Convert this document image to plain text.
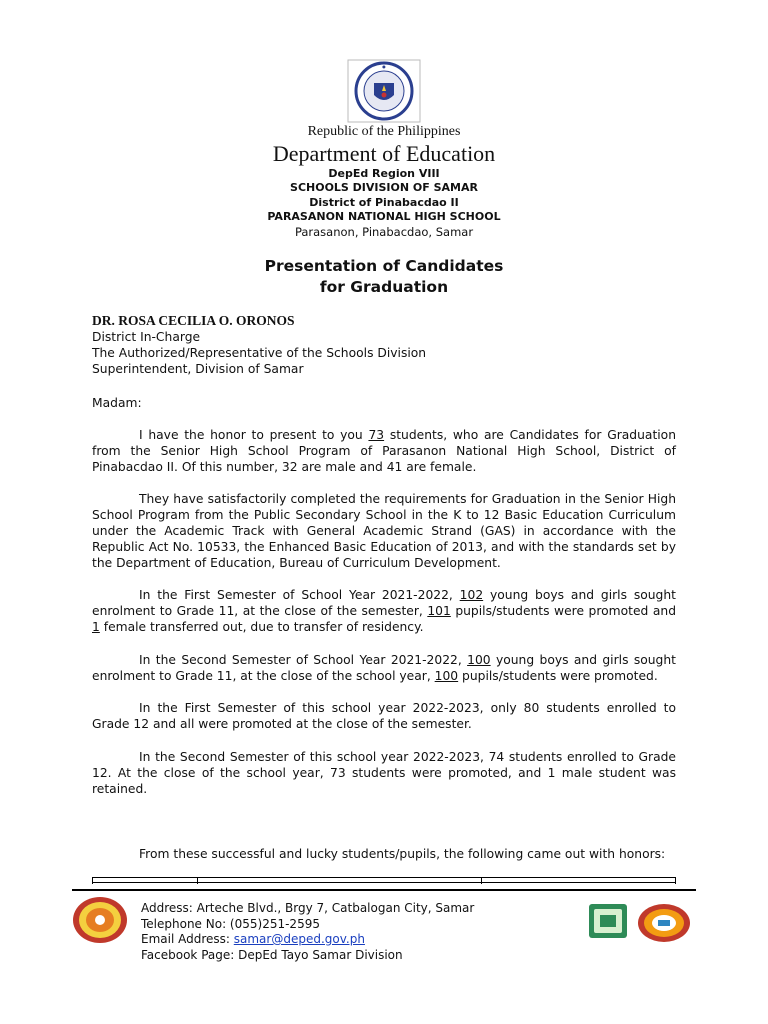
●
Republic of the Philippines
Department of Education
DepEd Region VIII
SCHOOLS DIVISION OF SAMAR
District of Pinabacdao II
PARASANON NATIONAL HIGH SCHOOL
Parasanon, Pinabacdao, Samar
Presentation of Candidates
for Graduation
DR. ROSA CECILIA O. ORONOS
District In-Charge
The Authorized/Representative of the Schools Division
Superintendent, Division of Samar
Madam:

I have the honor to present to you 73 students, who are Candidates for Graduation from the Senior High School Program of Parasanon National High School, District of Pinabacdao II. Of this number, 32 are male and 41 are female.

They have satisfactorily completed the requirements for Graduation in the Senior High School Program from the Public Secondary School in the K to 12 Basic Education Curriculum under the Academic Track with General Academic Strand (GAS) in accordance with the Republic Act No. 10533, the Enhanced Basic Education of 2013, and with the standards set by the Department of Education, Bureau of Curriculum Development.

In the First Semester of School Year 2021-2022, 102 young boys and girls sought enrolment to Grade 11, at the close of the semester, 101 pupils/students were promoted and 1 female transferred out, due to transfer of residency.

In the Second Semester of School Year 2021-2022, 100 young boys and girls sought enrolment to Grade 11, at the close of the school year, 100 pupils/students were promoted.

In the First Semester of this school year 2022-2023, only 80 students enrolled to Grade 12 and all were promoted at the close of the semester.

In the Second Semester of this school year 2022-2023, 74 students enrolled to Grade 12. At the close of the school year, 73 students were promoted, and 1 male student was retained.

From these successful and lucky students/pupils, the following came out with honors:

Address: Arteche Blvd., Brgy 7, Catbalogan City, Samar
Telephone No: (055)251-2595
Email Address: samar@deped.gov.ph
Facebook Page: DepEd Tayo Samar Division
